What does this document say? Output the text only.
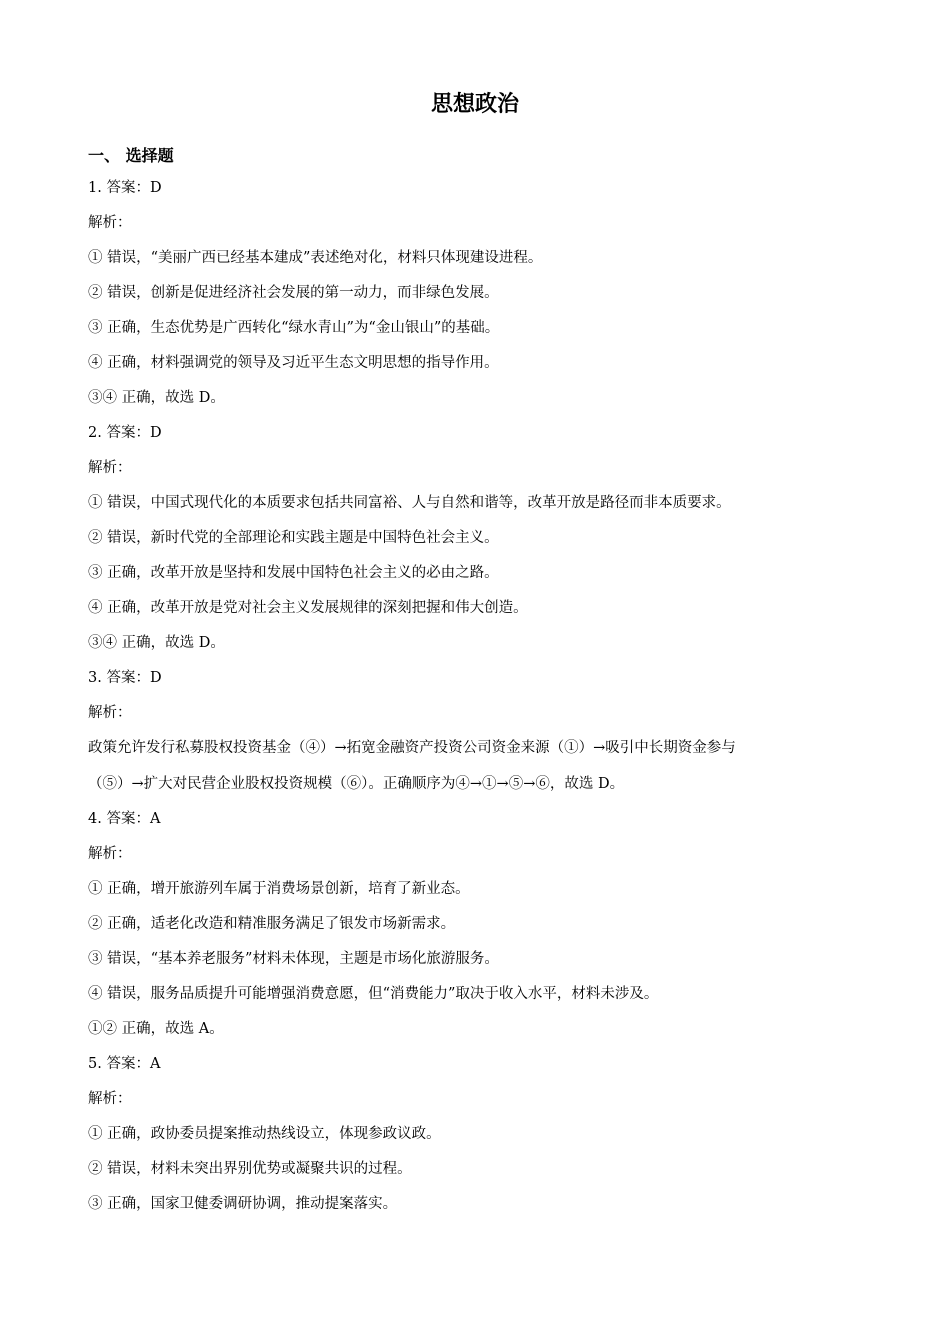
思想政治
一、 选择题
1. 答案：D
解析：
① 错误，“美丽广西已经基本建成”表述绝对化，材料只体现建设进程。
② 错误，创新是促进经济社会发展的第一动力，而非绿色发展。
③ 正确，生态优势是广西转化“绿水青山”为“金山银山”的基础。
④ 正确，材料强调党的领导及习近平生态文明思想的指导作用。
③④ 正确，故选 D。
2. 答案：D
解析：
① 错误，中国式现代化的本质要求包括共同富裕、人与自然和谐等，改革开放是路径而非本质要求。
② 错误，新时代党的全部理论和实践主题是中国特色社会主义。
③ 正确，改革开放是坚持和发展中国特色社会主义的必由之路。
④ 正确，改革开放是党对社会主义发展规律的深刻把握和伟大创造。
③④ 正确，故选 D。
3. 答案：D
解析：
政策允许发行私募股权投资基金（④）→拓宽金融资产投资公司资金来源（①）→吸引中长期资金参与
（⑤）→扩大对民营企业股权投资规模（⑥）。正确顺序为④→①→⑤→⑥，故选 D。
4. 答案：A
解析：
① 正确，增开旅游列车属于消费场景创新，培育了新业态。
② 正确，适老化改造和精准服务满足了银发市场新需求。
③ 错误，“基本养老服务”材料未体现，主题是市场化旅游服务。
④ 错误，服务品质提升可能增强消费意愿，但“消费能力”取决于收入水平，材料未涉及。
①② 正确，故选 A。
5. 答案：A
解析：
① 正确，政协委员提案推动热线设立，体现参政议政。
② 错误，材料未突出界别优势或凝聚共识的过程。
③ 正确，国家卫健委调研协调，推动提案落实。
